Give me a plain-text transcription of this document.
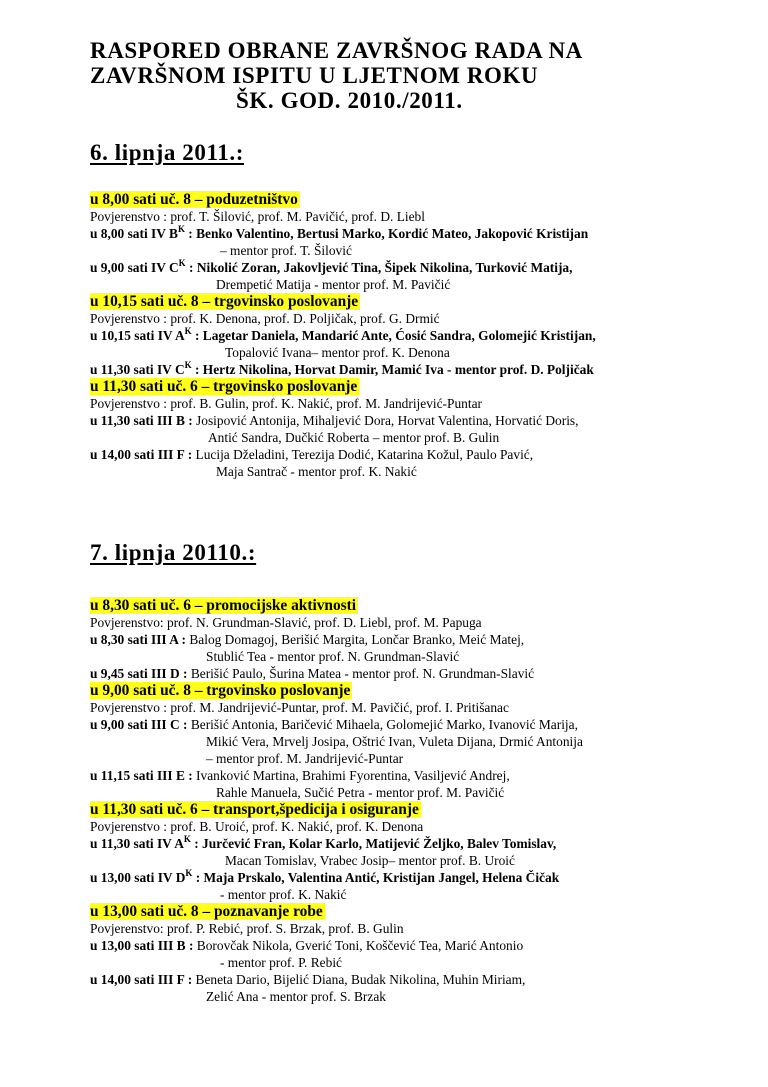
RASPORED OBRANE ZAVRŠNOG RADA NA
ZAVRŠNOM ISPITU U LJETNOM ROKU
ŠK. GOD. 2010./2011.
6. lipnja 2011.:
u 8,00 sati uč. 8 – poduzetništvo
Povjerenstvo : prof. T. Šilović, prof. M. Pavičić, prof. D. Liebl
u 8,00 sati IV $B^K$ : Benko Valentino, Bertusi Marko, Kordić Mateo, Jakopović Kristijan
– mentor prof. T. Šilović
u 9,00 sati IV $C^K$ : Nikolić Zoran, Jakovljević Tina, Šipek Nikolina, Turković Matija,
Drempetić Matija - mentor prof. M. Pavičić
u 10,15 sati uč. 8 – trgovinsko poslovanje
Povjerenstvo : prof. K. Denona, prof. D. Poljičak, prof. G. Drmić
u 10,15 sati IV $A^K$ : Lagetar Daniela, Mandarić Ante, Ćosić Sandra, Golomejić Kristijan,
Topalović Ivana– mentor prof. K. Denona
u 11,30 sati IV $C^K$ : Hertz Nikolina, Horvat Damir, Mamić Iva - mentor prof. D. Poljičak
u 11,30 sati uč. 6 – trgovinsko poslovanje
Povjerenstvo : prof. B. Gulin, prof. K. Nakić, prof. M. Jandrijević-Puntar
u 11,30 sati III B : Josipović Antonija, Mihaljević Dora, Horvat Valentina, Horvatić Doris,
Antić Sandra, Dučkić Roberta – mentor prof. B. Gulin
u 14,00 sati III F : Lucija Dželadini, Terezija Dodić, Katarina Kožul, Paulo Pavić,
Maja Santrač - mentor prof. K. Nakić
7. lipnja 20110.:
u 8,30 sati uč. 6 – promocijske aktivnosti
Povjerenstvo: prof. N. Grundman-Slavić, prof. D. Liebl, prof. M. Papuga
u 8,30 sati III A : Balog Domagoj, Berišić Margita, Lončar Branko, Meić Matej,
Stublić Tea - mentor prof. N. Grundman-Slavić
u 9,45 sati III D : Berišić Paulo, Šurina Matea - mentor prof. N. Grundman-Slavić
u 9,00 sati uč. 8 – trgovinsko poslovanje
Povjerenstvo : prof. M. Jandrijević-Puntar, prof. M. Pavičić, prof. I. Pritišanac
u 9,00 sati III C : Berišić Antonia, Baričević Mihaela, Golomejić Marko, Ivanović Marija,
Mikić Vera, Mrvelj Josipa, Oštrić Ivan, Vuleta Dijana, Drmić Antonija
– mentor prof. M. Jandrijević-Puntar
u 11,15 sati III E : Ivanković Martina, Brahimi Fyorentina, Vasiljević Andrej,
Rahle Manuela, Sučić Petra - mentor prof. M. Pavičić
u 11,30 sati uč. 6 – transport,špedicija i osiguranje
Povjerenstvo : prof. B. Uroić, prof. K. Nakić, prof. K. Denona
u 11,30 sati IV $A^K$ : Jurčević Fran, Kolar Karlo, Matijević Željko, Balev Tomislav,
Macan Tomislav, Vrabec Josip– mentor prof. B. Uroić
u 13,00 sati IV $D^K$ : Maja Prskalo, Valentina Antić, Kristijan Jangel, Helena Čičak
- mentor prof. K. Nakić
u 13,00 sati uč. 8 – poznavanje robe
Povjerenstvo: prof. P. Rebić, prof. S. Brzak, prof. B. Gulin
u 13,00 sati III B : Borovčak Nikola, Gverić Toni, Koščević Tea, Marić Antonio
- mentor prof. P. Rebić
u 14,00 sati III F : Beneta Dario, Bijelić Diana, Budak Nikolina, Muhin Miriam,
Zelić Ana - mentor prof. S. Brzak
